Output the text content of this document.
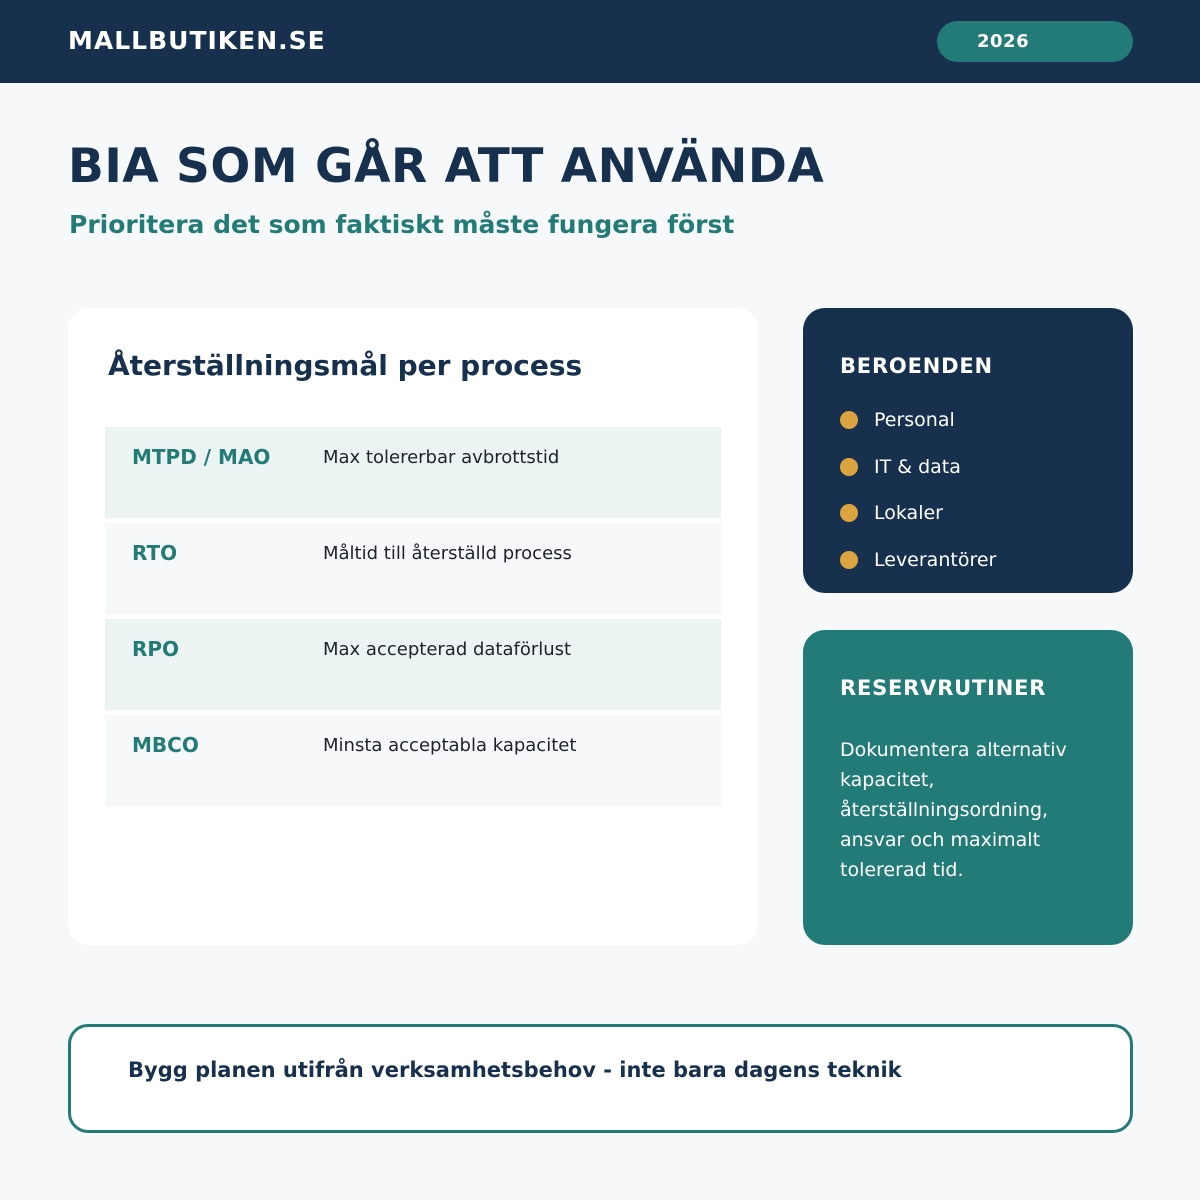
MALLBUTIKEN.SE	2026
BIA SOM GÅR ATT ANVÄNDA
Prioritera det som faktiskt måste fungera först
Återställningsmål per process
MTPD / MAO	Max tolererbar avbrottstid
RTO	Måltid till återställd process
RPO	Max accepterad dataförlust
MBCO	Minsta acceptabla kapacitet
BEROENDEN
Personal
IT & data
Lokaler
Leverantörer
RESERVRUTINER
Dokumentera alternativ
kapacitet,
återställningsordning,
ansvar och maximalt
tolererad tid.
Bygg planen utifrån verksamhetsbehov - inte bara dagens teknik
